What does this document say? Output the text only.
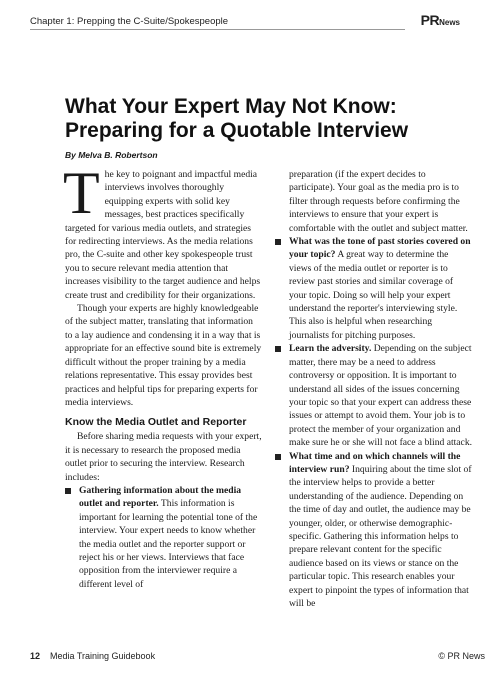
Chapter 1: Prepping the C-Suite/Spokespeople	PRNews
What Your Expert May Not Know:
Preparing for a Quotable Interview
By Melva B. Robertson

The key to poignant and impactful media interviews involves thoroughly equipping experts with solid key messages, best practices specifically targeted for various media outlets, and strategies for redirecting interviews. As the media relations pro, the C-suite and other key spokespeople trust you to secure relevant media attention that increases visibility to the target audience and helps create trust and credibility for their organizations.

Though your experts are highly knowledgeable of the subject matter, translating that information to a lay audience and condensing it in a way that is appropriate for an effective sound bite is extremely difficult without the proper training by a media relations representative. This essay provides best practices and helpful tips for preparing experts for media interviews.

Know the Media Outlet and Reporter

Before sharing media requests with your expert, it is necessary to research the proposed media outlet prior to securing the interview. Research includes:

Gathering information about the media outlet and reporter. This information is important for learning the potential tone of the interview. Your expert needs to know whether the media outlet and the reporter support or reject his or her views. Interviews that face opposition from the interviewer require a different level of

preparation (if the expert decides to participate). Your goal as the media pro is to filter through requests before confirming the interviews to ensure that your expert is comfortable with the outlet and subject matter.

What was the tone of past stories covered on your topic? A great way to determine the views of the media outlet or reporter is to review past stories and similar coverage of your topic. Doing so will help your expert understand the reporter's interviewing style. This also is helpful when researching journalists for pitching purposes.
Learn the adversity. Depending on the subject matter, there may be a need to address controversy or opposition. It is important to understand all sides of the issues concerning your topic so that your expert can address these issues or attempt to avoid them. Your job is to protect the member of your organization and make sure he or she will not face a blind attack.
What time and on which channels will the interview run? Inquiring about the time slot of the interview helps to provide a better understanding of the audience. Depending on the time of day and outlet, the audience may be younger, older, or otherwise demographic-specific. Gathering this information helps to prepare relevant content for the specific audience based on its views or stance on the particular topic. This research enables your expert to pinpoint the types of information that will be
12 Media Training Guidebook	© PR News
